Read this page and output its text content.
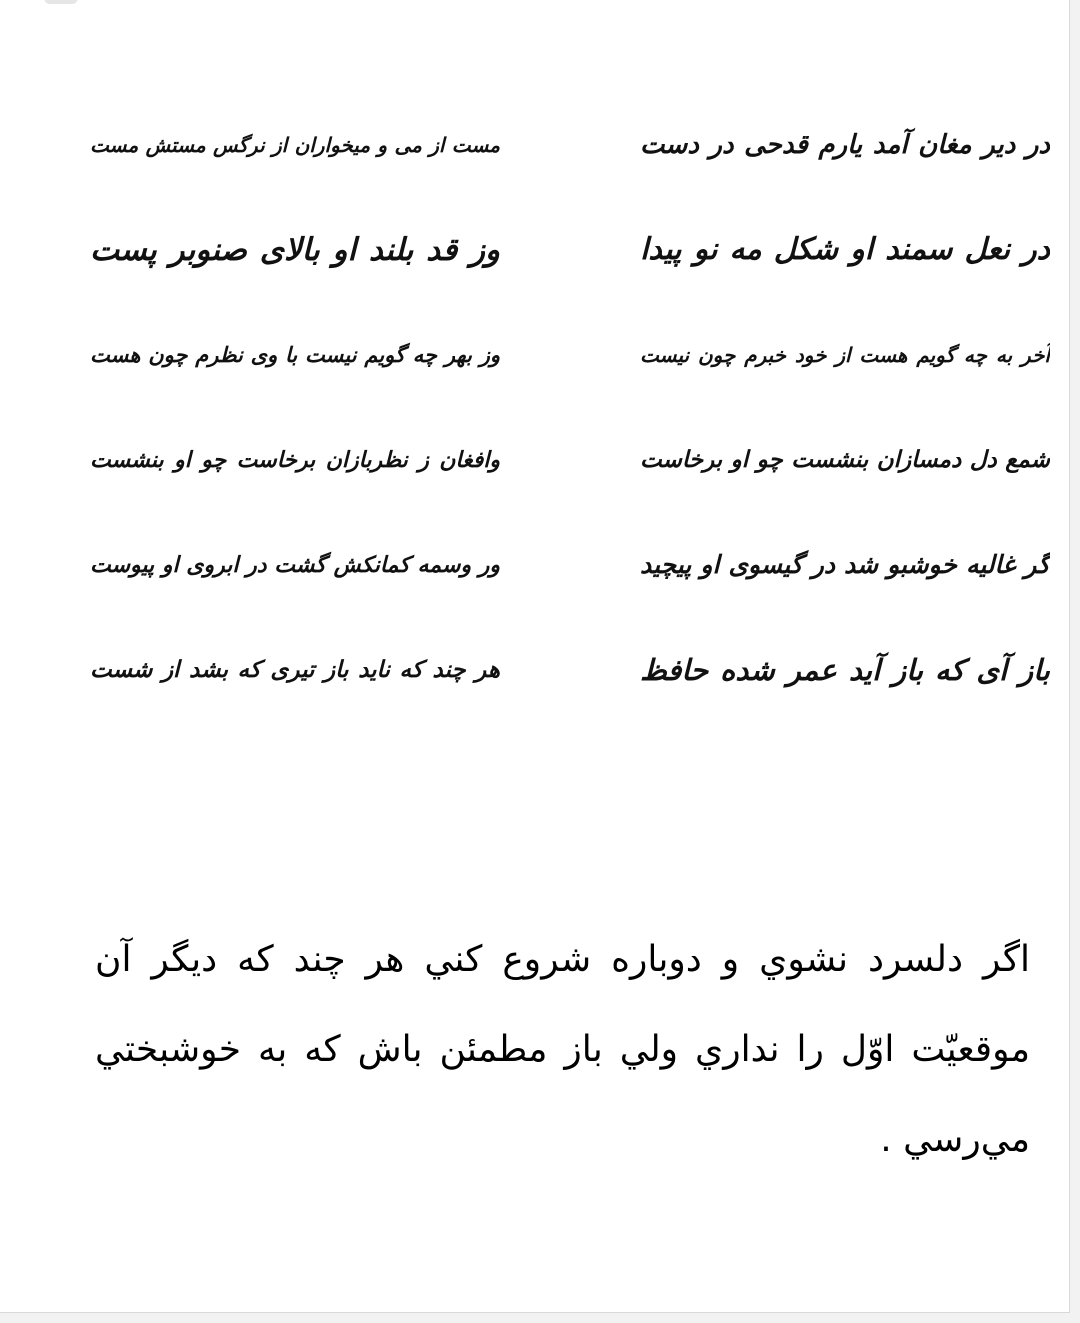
در دیر مغان آمد یارم قدحی در دست
مست از می و میخواران از نرگس مستش مست
در نعل سمند او شکل مه نو پیدا
وز قد بلند او بالای صنوبر پست
آخر به چه گویم هست از خود خبرم چون نیست
وز بهر چه گویم نیست با وی نظرم چون هست
شمع دل دمسازان بنشست چو او برخاست
وافغان ز نظربازان برخاست چو او بنشست
گر غالیه خوشبو شد در گیسوی او پیچید
ور وسمه کمانکش گشت در ابروی او پیوست
باز آی که باز آید عمر شده حافظ
هر چند که ناید باز تیری که بشد از شست
اگر دلسرد نشوي و دوباره شروع كني هر چند كه ديگر آن موقعيّت اوّل را نداري ولي باز مطمئن باش كه به خوشبختي مي‌رسي .
